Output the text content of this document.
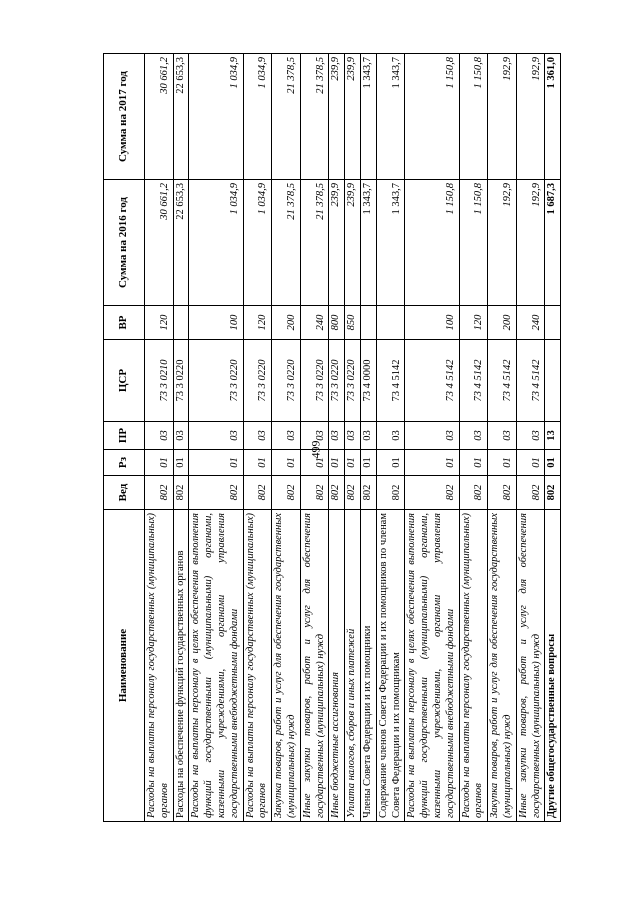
499
Наименование	Вед	Рз	ПР	ЦСР	ВР	Сумма на 2016 год	Сумма на 2017 год
Расходы на выплаты персоналу государственных (муниципальных) органов	802	01	03	73 3 0210	120	30 661,2	30 661,2
Расходы на обеспечение функций государственных органов	802	01	03	73 3 0220		22 653,3	22 653,3
Расходы на выплаты персоналу в целях обеспечения выполнения функций государственными (муниципальными) органами, казенными учреждениями, органами управления государственными внебюджетными фондами	802	01	03	73 3 0220	100	1 034,9	1 034,9
Расходы на выплаты персоналу государственных (муниципальных) органов	802	01	03	73 3 0220	120	1 034,9	1 034,9
Закупка товаров, работ и услуг для обеспечения государственных (муниципальных) нужд	802	01	03	73 3 0220	200	21 378,5	21 378,5
Иные закупки товаров, работ и услуг для обеспечения государственных (муниципальных) нужд	802	01	03	73 3 0220	240	21 378,5	21 378,5
Иные бюджетные ассигнования	802	01	03	73 3 0220	800	239,9	239,9
Уплата налогов, сборов и иных платежей	802	01	03	73 3 0220	850	239,9	239,9
Члены Совета Федерации и их помощники	802	01	03	73 4 0000		1 343,7	1 343,7
Содержание членов Совета Федерации и их помощников по членам Совета Федерации и их помощникам	802	01	03	73 4 5142		1 343,7	1 343,7
Расходы на выплаты персоналу в целях обеспечения выполнения функций государственными (муниципальными) органами, казенными учреждениями, органами управления государственными внебюджетными фондами	802	01	03	73 4 5142	100	1 150,8	1 150,8
Расходы на выплаты персоналу государственных (муниципальных) органов	802	01	03	73 4 5142	120	1 150,8	1 150,8
Закупка товаров, работ и услуг для обеспечения государственных (муниципальных) нужд	802	01	03	73 4 5142	200	192,9	192,9
Иные закупки товаров, работ и услуг для обеспечения государственных (муниципальных) нужд	802	01	03	73 4 5142	240	192,9	192,9
Другие общегосударственные вопросы	802	01	13			1 687,3	1 361,0
